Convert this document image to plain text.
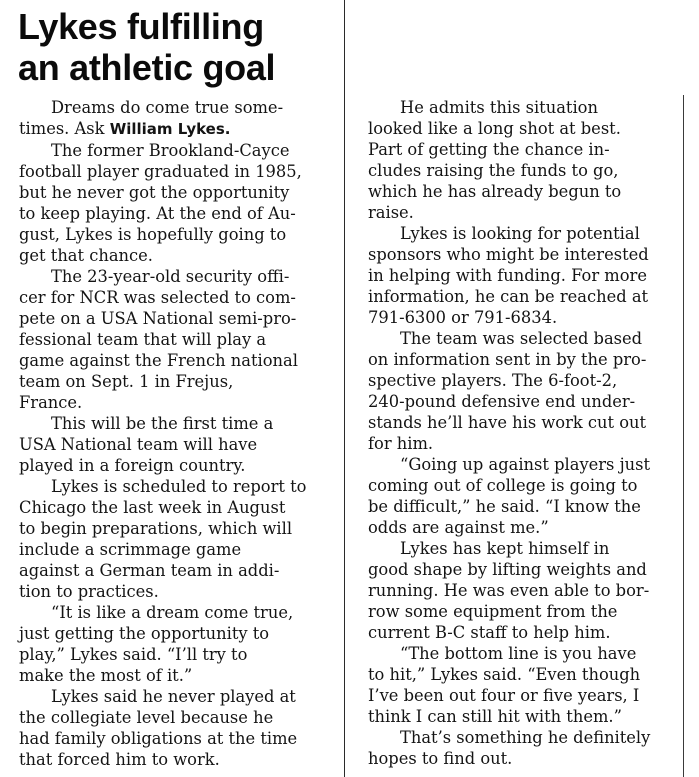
Lykes fulfilling
an athletic goal

Dreams do come true some-
times. Ask William Lykes.

The former Brookland-Cayce
football player graduated in 1985,
but he never got the opportunity
to keep playing. At the end of Au-
gust, Lykes is hopefully going to
get that chance.

The 23-year-old security offi-
cer for NCR was selected to com-
pete on a USA National semi-pro-
fessional team that will play a
game against the French national
team on Sept. 1 in Frejus,
France.

This will be the first time a
USA National team will have
played in a foreign country.

Lykes is scheduled to report to
Chicago the last week in August
to begin preparations, which will
include a scrimmage game
against a German team in addi-
tion to practices.

“It is like a dream come true,
just getting the opportunity to
play,” Lykes said. “I’ll try to
make the most of it.”

Lykes said he never played at
the collegiate level because he
had family obligations at the time
that forced him to work.

He admits this situation
looked like a long shot at best.
Part of getting the chance in-
cludes raising the funds to go,
which he has already begun to
raise.

Lykes is looking for potential
sponsors who might be interested
in helping with funding. For more
information, he can be reached at
791-6300 or 791-6834.

The team was selected based
on information sent in by the pro-
spective players. The 6-foot-2,
240-pound defensive end under-
stands he’ll have his work cut out
for him.

“Going up against players just
coming out of college is going to
be difficult,” he said. “I know the
odds are against me.”

Lykes has kept himself in
good shape by lifting weights and
running. He was even able to bor-
row some equipment from the
current B-C staff to help him.

“The bottom line is you have
to hit,” Lykes said. “Even though
I’ve been out four or five years, I
think I can still hit with them.”

That’s something he definitely
hopes to find out.
